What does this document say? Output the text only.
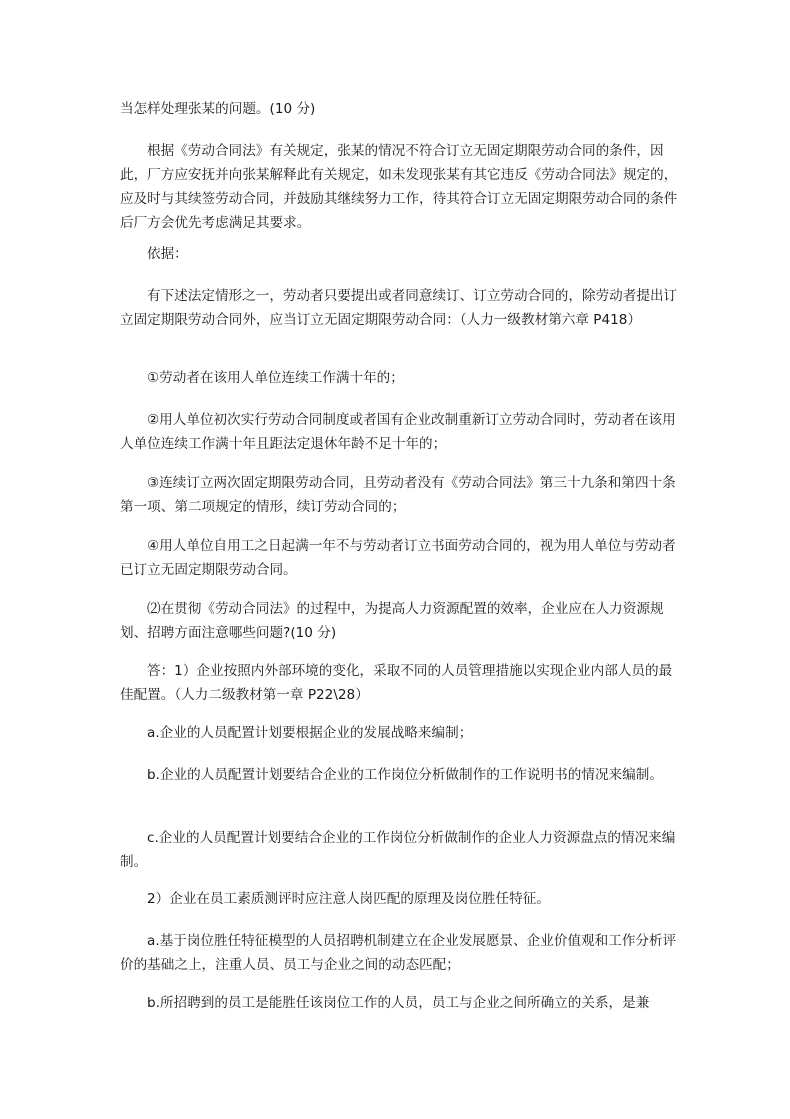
当怎样处理张某的问题。(10 分)

根据《劳动合同法》有关规定，张某的情况不符合订立无固定期限劳动合同的条件，因此，厂方应安抚并向张某解释此有关规定，如未发现张某有其它违反《劳动合同法》规定的，应及时与其续签劳动合同，并鼓励其继续努力工作，待其符合订立无固定期限劳动合同的条件后厂方会优先考虑满足其要求。

依据：

有下述法定情形之一，劳动者只要提出或者同意续订、订立劳动合同的，除劳动者提出订立固定期限劳动合同外，应当订立无固定期限劳动合同：（人力一级教材第六章 P418）

①劳动者在该用人单位连续工作满十年的；

②用人单位初次实行劳动合同制度或者国有企业改制重新订立劳动合同时，劳动者在该用人单位连续工作满十年且距法定退休年龄不足十年的；

③连续订立两次固定期限劳动合同，且劳动者没有《劳动合同法》第三十九条和第四十条第一项、第二项规定的情形，续订劳动合同的；

④用人单位自用工之日起满一年不与劳动者订立书面劳动合同的，视为用人单位与劳动者已订立无固定期限劳动合同。

⑵在贯彻《劳动合同法》的过程中，为提高人力资源配置的效率，企业应在人力资源规划、招聘方面注意哪些问题?(10 分)

答：1）企业按照内外部环境的变化，采取不同的人员管理措施以实现企业内部人员的最佳配置。（人力二级教材第一章 P22\28）

a.企业的人员配置计划要根据企业的发展战略来编制；

b.企业的人员配置计划要结合企业的工作岗位分析做制作的工作说明书的情况来编制。

c.企业的人员配置计划要结合企业的工作岗位分析做制作的企业人力资源盘点的情况来编制。

2）企业在员工素质测评时应注意人岗匹配的原理及岗位胜任特征。

a.基于岗位胜任特征模型的人员招聘机制建立在企业发展愿景、企业价值观和工作分析评价的基础之上，注重人员、员工与企业之间的动态匹配；

b.所招聘到的员工是能胜任该岗位工作的人员，员工与企业之间所确立的关系，是兼
